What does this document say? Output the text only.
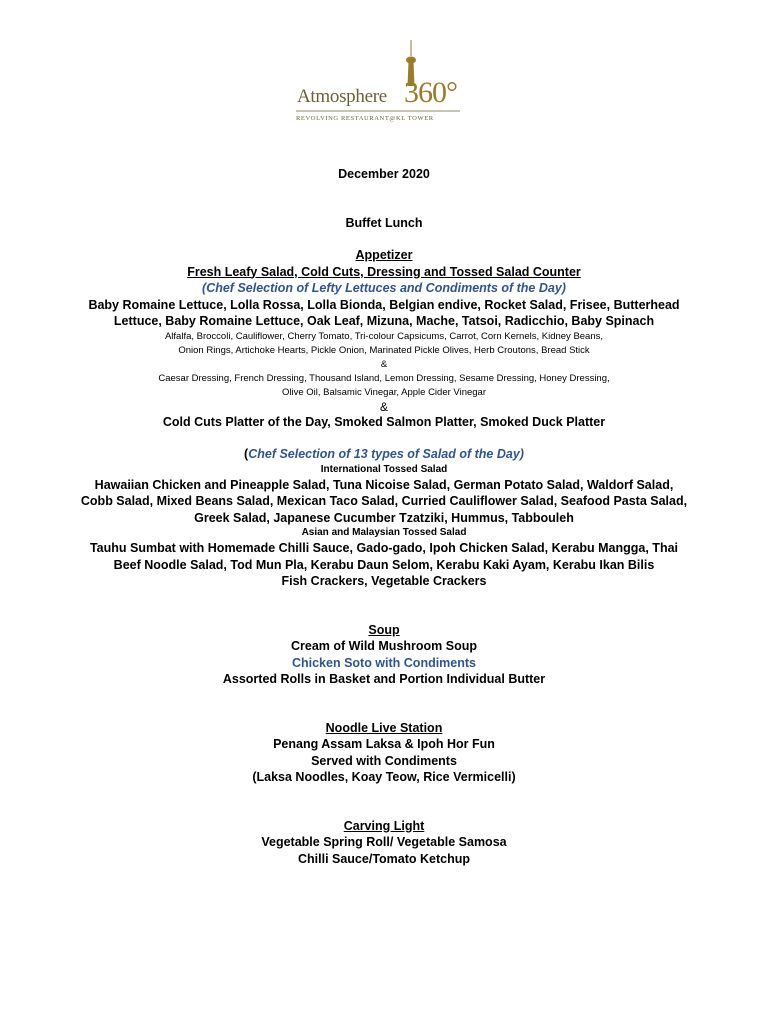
Atmosphere 360°
REVOLVING RESTAURANT@KL TOWER
December 2020
Buffet Lunch
Appetizer
Fresh Leafy Salad, Cold Cuts, Dressing and Tossed Salad Counter
(Chef Selection of Lefty Lettuces and Condiments of the Day)
Baby Romaine Lettuce, Lolla Rossa, Lolla Bionda, Belgian endive, Rocket Salad, Frisee, Butterhead
Lettuce, Baby Romaine Lettuce, Oak Leaf, Mizuna, Mache, Tatsoi, Radicchio, Baby Spinach
Alfalfa, Broccoli, Cauliflower, Cherry Tomato, Tri-colour Capsicums, Carrot, Corn Kernels, Kidney Beans,
Onion Rings, Artichoke Hearts, Pickle Onion, Marinated Pickle Olives, Herb Croutons, Bread Stick
&
Caesar Dressing, French Dressing, Thousand Island, Lemon Dressing, Sesame Dressing, Honey Dressing,
Olive Oil, Balsamic Vinegar, Apple Cider Vinegar
&
Cold Cuts Platter of the Day, Smoked Salmon Platter, Smoked Duck Platter
(Chef Selection of 13 types of Salad of the Day)
International Tossed Salad
Hawaiian Chicken and Pineapple Salad, Tuna Nicoise Salad, German Potato Salad, Waldorf Salad,
Cobb Salad, Mixed Beans Salad, Mexican Taco Salad, Curried Cauliflower Salad, Seafood Pasta Salad,
Greek Salad, Japanese Cucumber Tzatziki, Hummus, Tabbouleh
Asian and Malaysian Tossed Salad
Tauhu Sumbat with Homemade Chilli Sauce, Gado-gado, Ipoh Chicken Salad, Kerabu Mangga, Thai
Beef Noodle Salad, Tod Mun Pla, Kerabu Daun Selom, Kerabu Kaki Ayam, Kerabu Ikan Bilis
Fish Crackers, Vegetable Crackers
Soup
Cream of Wild Mushroom Soup
Chicken Soto with Condiments
Assorted Rolls in Basket and Portion Individual Butter
Noodle Live Station
Penang Assam Laksa & Ipoh Hor Fun
Served with Condiments
(Laksa Noodles, Koay Teow, Rice Vermicelli)
Carving Light
Vegetable Spring Roll/ Vegetable Samosa
Chilli Sauce/Tomato Ketchup
